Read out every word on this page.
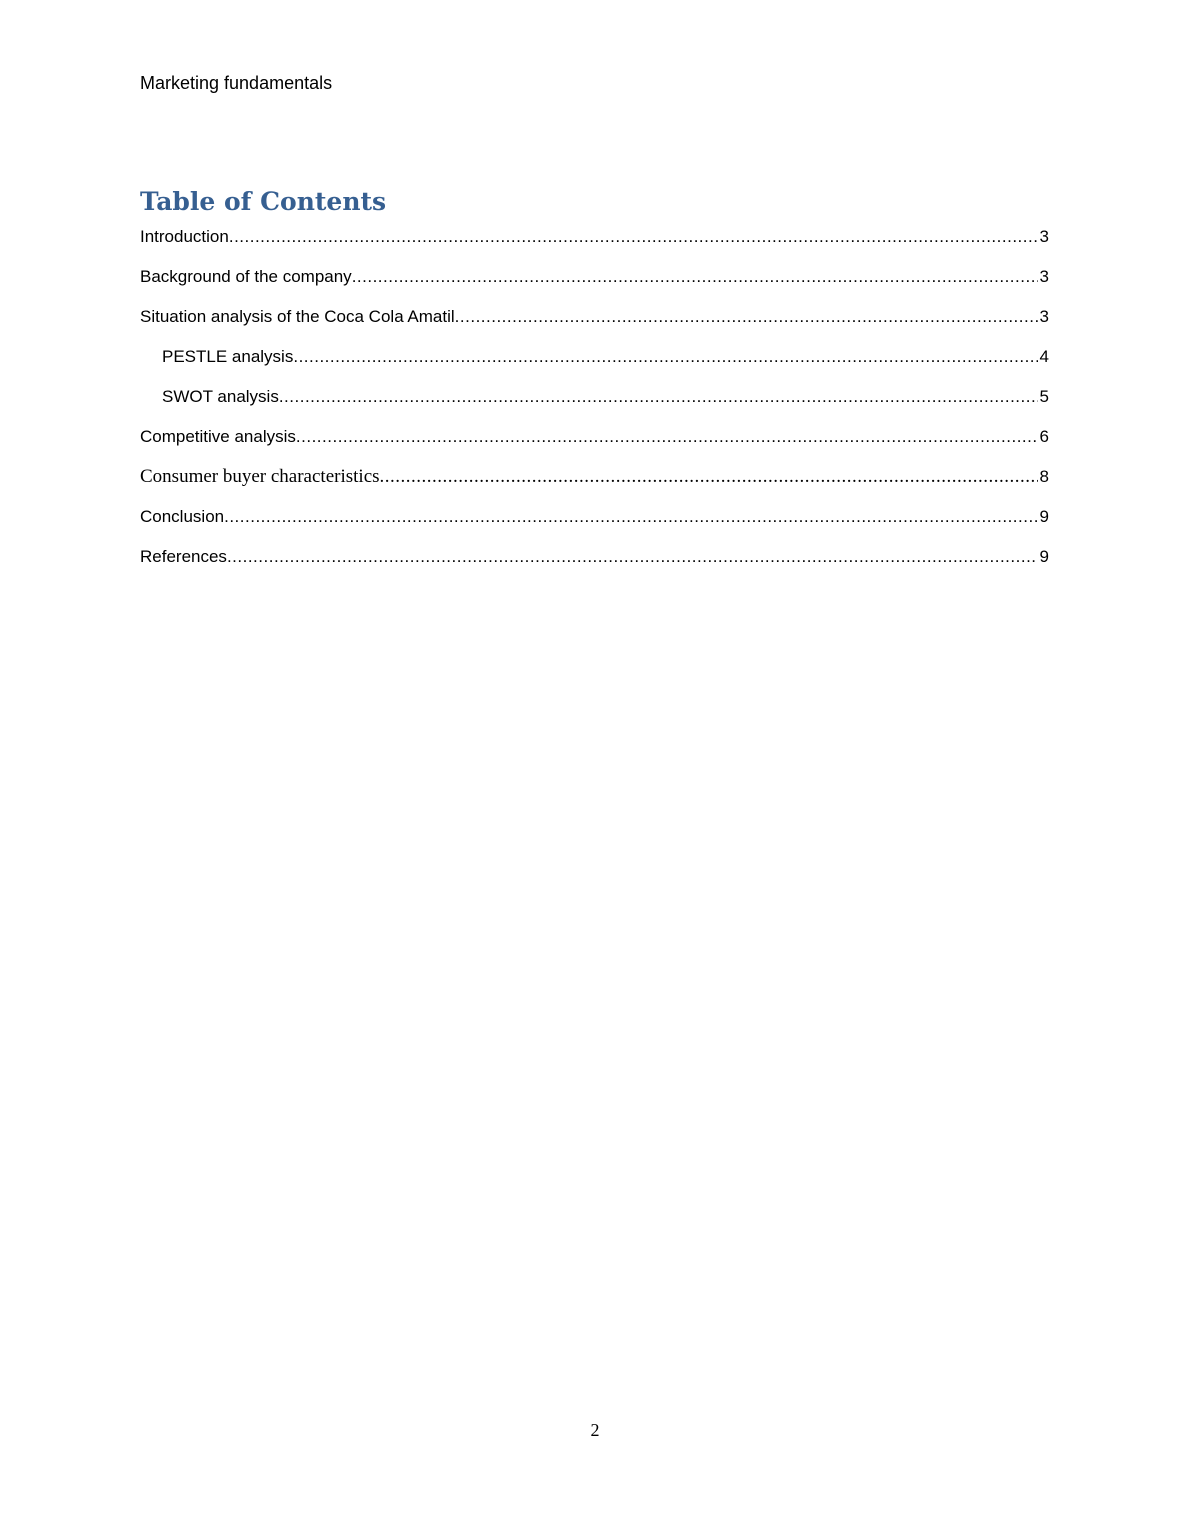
Marketing fundamentals
Table of Contents
Introduction .....	3
Background of the company .....	3
Situation analysis of the Coca Cola Amatil .....	3
PESTLE analysis .....	4
SWOT analysis .....	5
Competitive analysis .....	6
Consumer buyer characteristics .....	8
Conclusion .....	9
References .....	9
2
